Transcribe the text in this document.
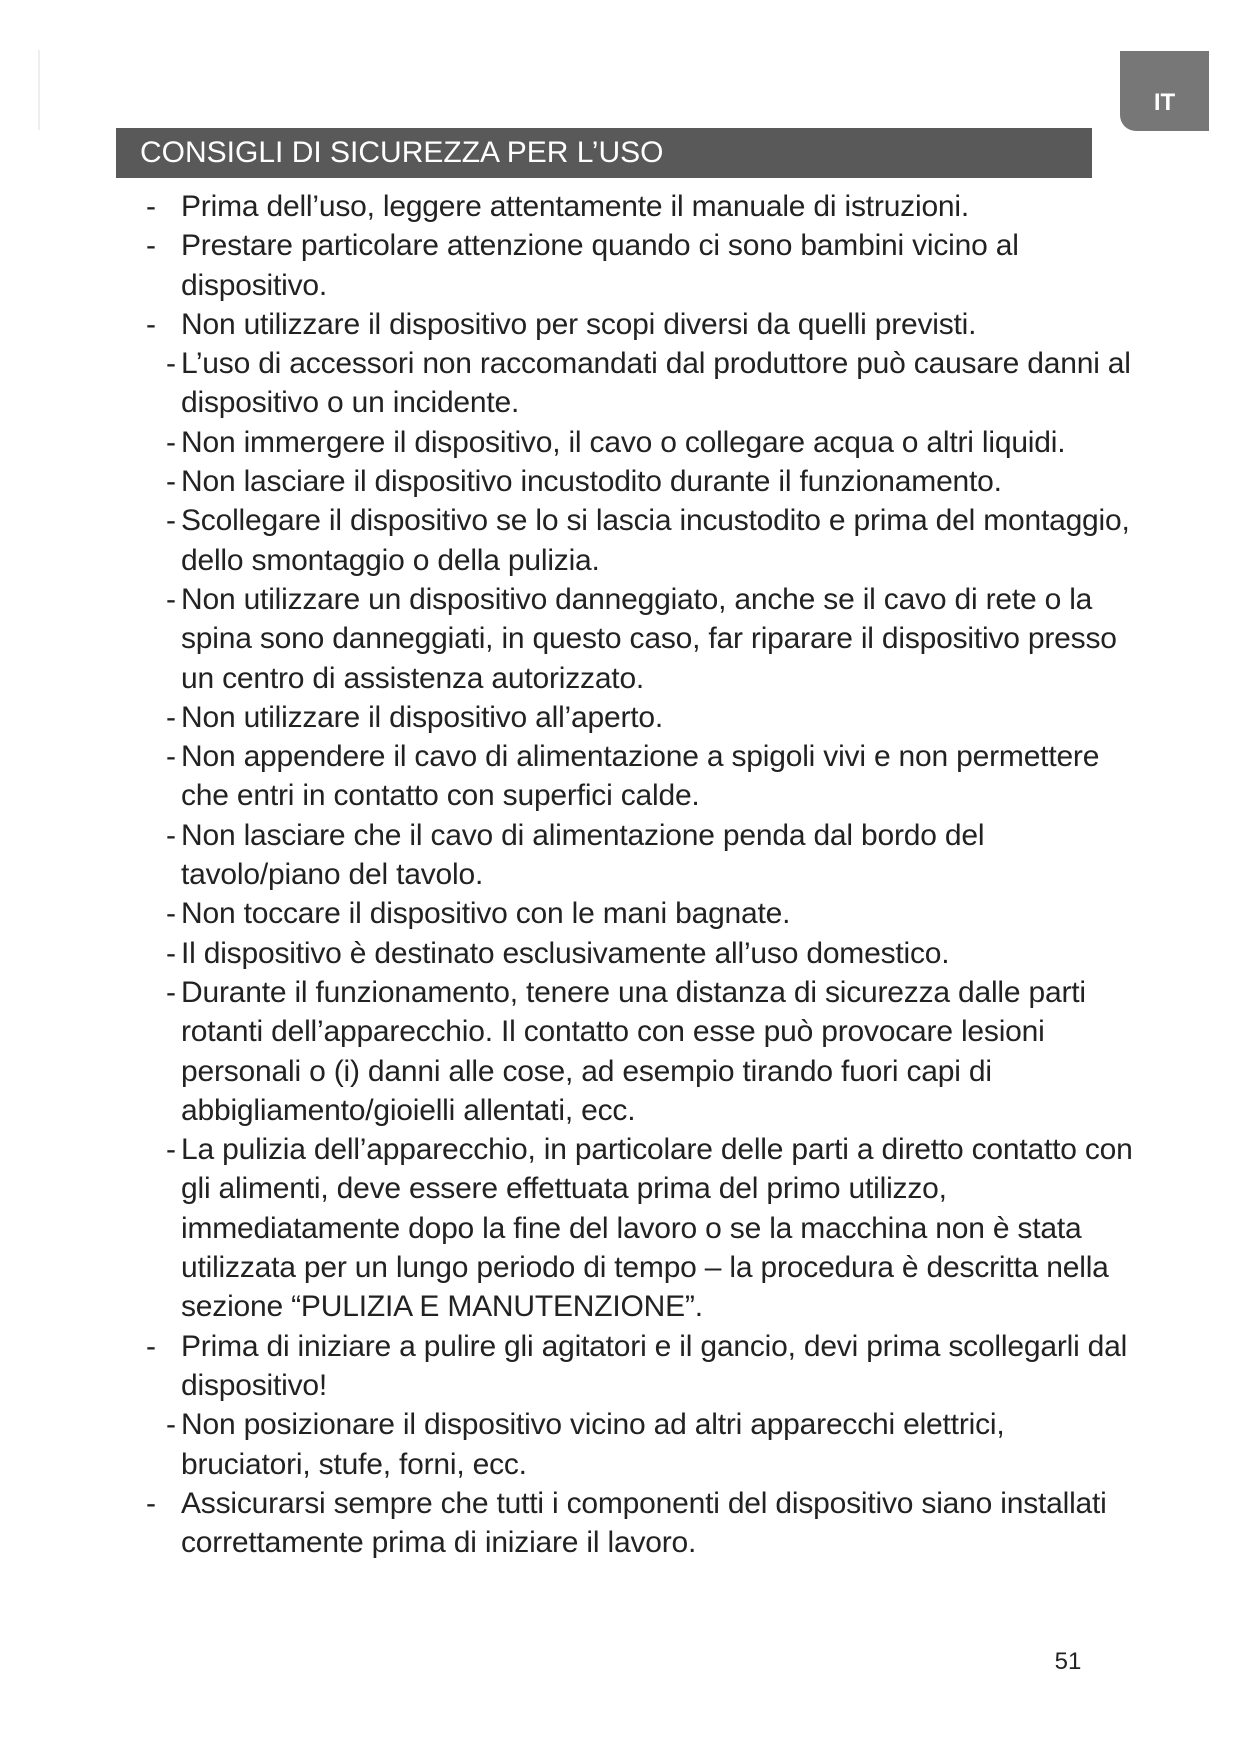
IT
CONSIGLI DI SICUREZZA PER L’USO
- Prima dell’uso, leggere attentamente il manuale di istruzioni.
- Prestare particolare attenzione quando ci sono bambini vicino al dispositivo.
- Non utilizzare il dispositivo per scopi diversi da quelli previsti.
- L’uso di accessori non raccomandati dal produttore può causare danni al dispositivo o un incidente.
- Non immergere il dispositivo, il cavo o collegare acqua o altri liquidi.
- Non lasciare il dispositivo incustodito durante il funzionamento.
- Scollegare il dispositivo se lo si lascia incustodito e prima del montaggio, dello smontaggio o della pulizia.
- Non utilizzare un dispositivo danneggiato, anche se il cavo di rete o la spina sono danneggiati, in questo caso, far riparare il dispositivo presso un centro di assistenza autorizzato.
- Non utilizzare il dispositivo all’aperto.
- Non appendere il cavo di alimentazione a spigoli vivi e non permettere che entri in contatto con superfici calde.
- Non lasciare che il cavo di alimentazione penda dal bordo del tavolo/piano del tavolo.
- Non toccare il dispositivo con le mani bagnate.
- Il dispositivo è destinato esclusivamente all’uso domestico.
- Durante il funzionamento, tenere una distanza di sicurezza dalle parti rotanti dell’apparecchio. Il contatto con esse può provocare lesioni personali o (i) danni alle cose, ad esempio tirando fuori capi di abbigliamento/gioielli allentati, ecc.
- La pulizia dell’apparecchio, in particolare delle parti a diretto contatto con gli alimenti, deve essere effettuata prima del primo utilizzo, immediatamente dopo la fine del lavoro o se la macchina non è stata utilizzata per un lungo periodo di tempo – la procedura è descritta nella sezione “PULIZIA E MANUTENZIONE”.
- Prima di iniziare a pulire gli agitatori e il gancio, devi prima scollegarli dal dispositivo!
- Non posizionare il dispositivo vicino ad altri apparecchi elettrici, bruciatori, stufe, forni, ecc.
- Assicurarsi sempre che tutti i componenti del dispositivo siano installati correttamente prima di iniziare il lavoro.
51
